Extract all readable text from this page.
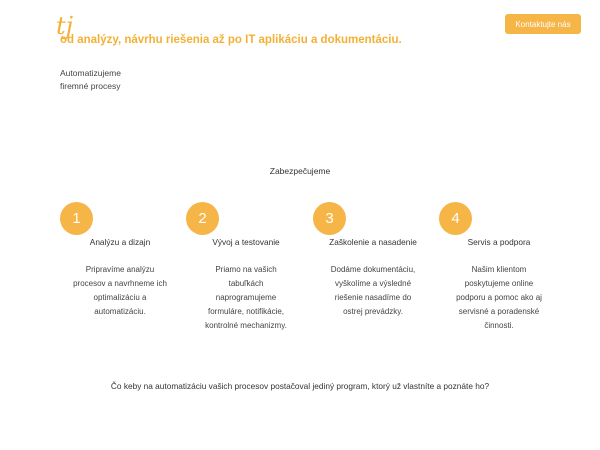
tj
od analýzy, návrhu riešenia až po IT aplikáciu a dokumentáciu.
Kontaktujte nás
Automatizujeme
firemné procesy
Zabezpečujeme
1
Analýzu a dizajn
Pripravíme analýzu
procesov a navrhneme ich
optimalizáciu a
automatizáciu.
2
Vývoj a testovanie
Priamo na vašich
tabuľkách
naprogramujeme
formuláre, notifikácie,
kontrolné mechanizmy.
3
Zaškolenie a nasadenie
Dodáme dokumentáciu,
vyškolíme a výsledné
riešenie nasadíme do
ostrej prevádzky.
4
Servis a podpora
Našim klientom
poskytujeme online
podporu a pomoc ako aj
servisné a poradenské
činnosti.
Čo keby na automatizáciu vašich procesov postačoval jediný program, ktorý už vlastníte a poznáte ho?
